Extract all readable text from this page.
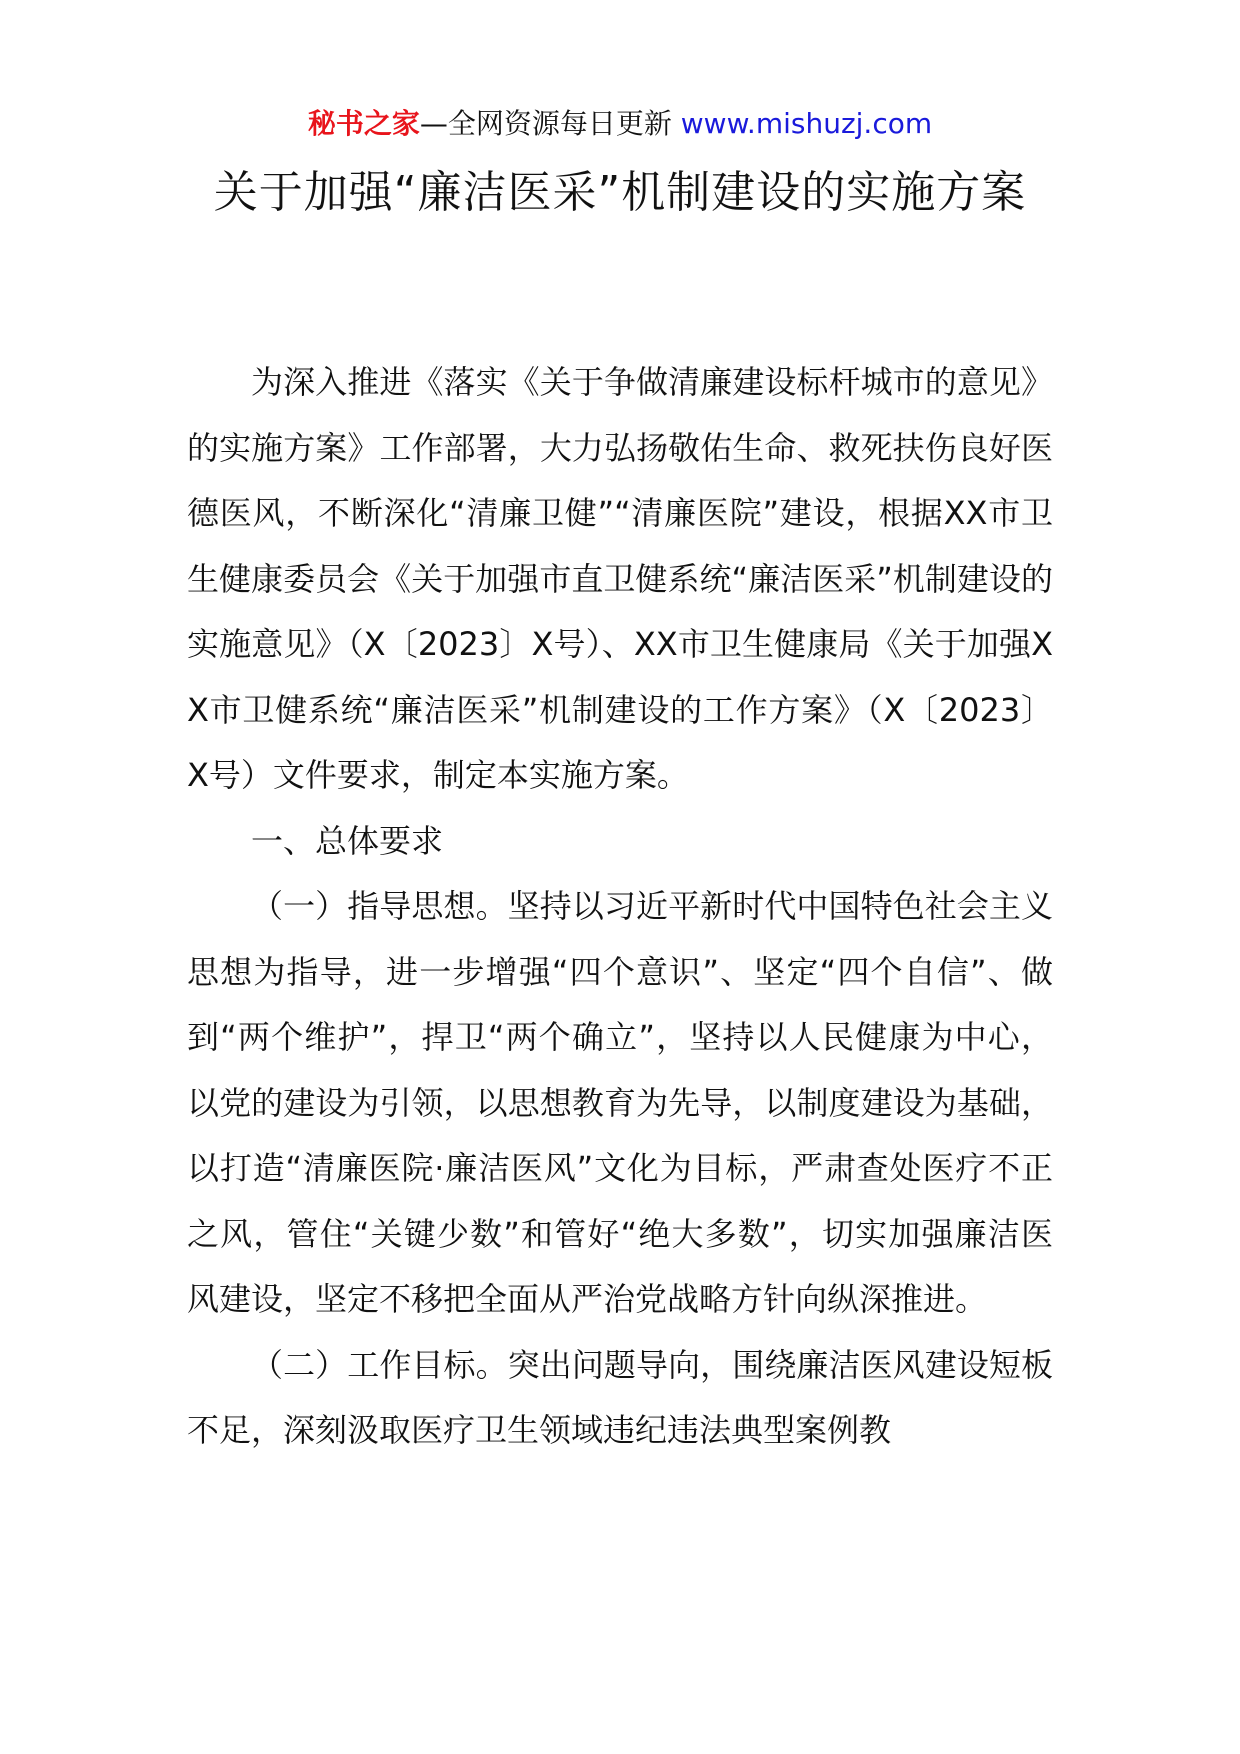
秘书之家—全网资源每日更新 www.mishuzj.com
关于加强“廉洁医采”机制建设的实施方案

为深入推进《落实《关于争做清廉建设标杆城市的意见》的实施方案》工作部署，大力弘扬敬佑生命、救死扶伤良好医德医风，不断深化“清廉卫健”“清廉医院”建设，根据XX市卫生健康委员会《关于加强市直卫健系统“廉洁医采”机制建设的实施意见》（X〔2023〕X号）、XX市卫生健康局《关于加强XX市卫健系统“廉洁医采”机制建设的工作方案》（X〔2023〕X号）文件要求，制定本实施方案。

一、总体要求

（一）指导思想。坚持以习近平新时代中国特色社会主义思想为指导，进一步增强“四个意识”、坚定“四个自信”、做到“两个维护”，捍卫“两个确立”，坚持以人民健康为中心，以党的建设为引领，以思想教育为先导，以制度建设为基础，以打造“清廉医院·廉洁医风”文化为目标，严肃查处医疗不正之风，管住“关键少数”和管好“绝大多数”，切实加强廉洁医风建设，坚定不移把全面从严治党战略方针向纵深推进。

（二）工作目标。突出问题导向，围绕廉洁医风建设短板不足，深刻汲取医疗卫生领域违纪违法典型案例教
